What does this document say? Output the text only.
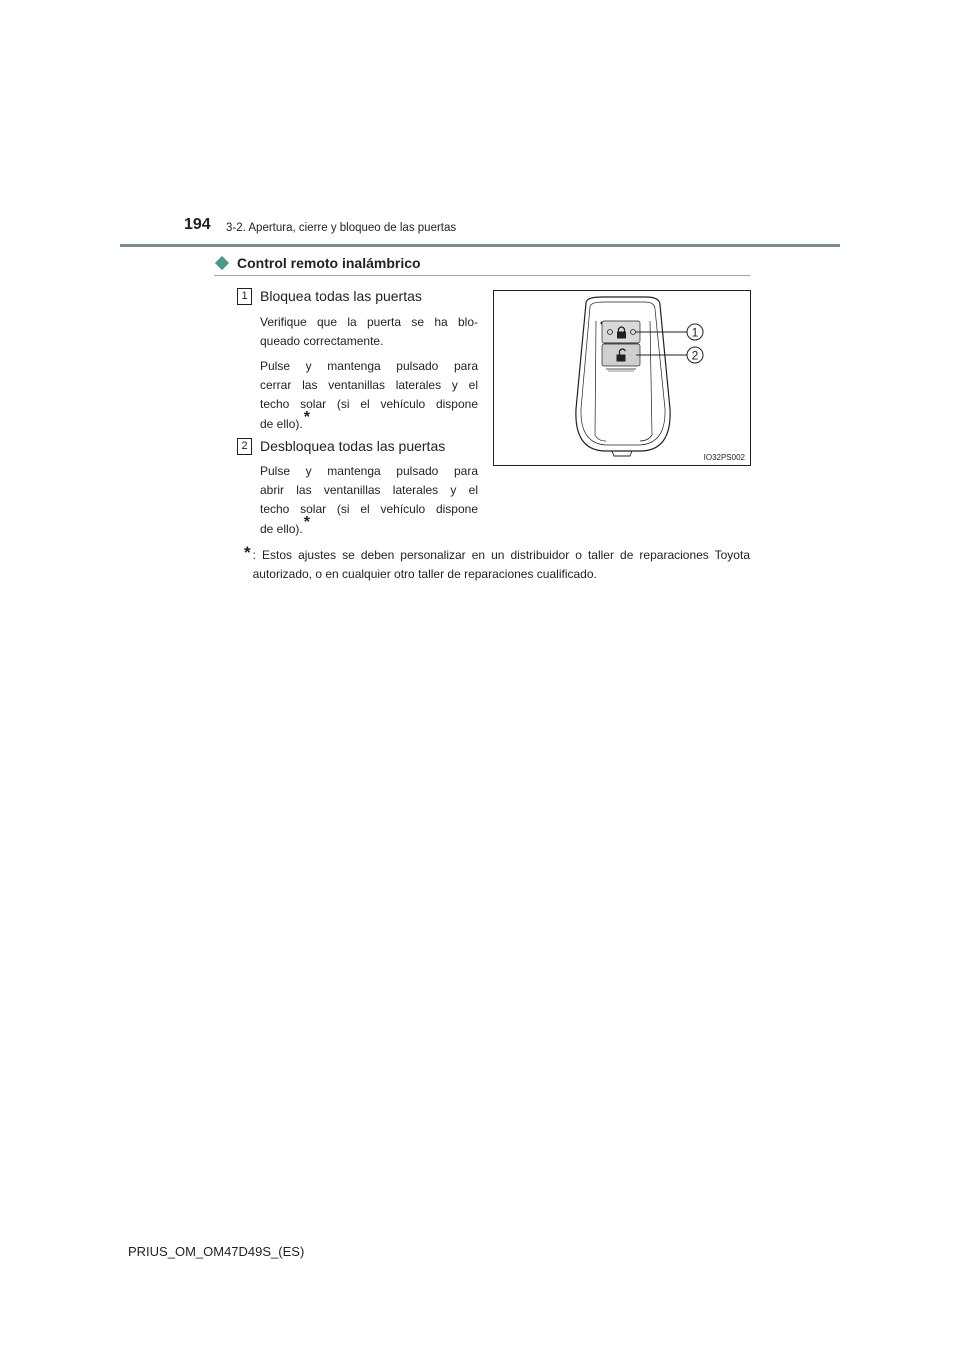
194 3-2. Apertura, cierre y bloqueo de las puertas
Control remoto inalámbrico
1 Bloquea todas las puertas
Verifique que la puerta se ha blo-
queado correctamente.
Pulse y mantenga pulsado para
cerrar las ventanillas laterales y el
techo solar (si el vehículo dispone
de ello).*
2 Desbloquea todas las puertas
Pulse y mantenga pulsado para
abrir las ventanillas laterales y el
techo solar (si el vehículo dispone
de ello).*
1
2
IO32PS002
* : Estos ajustes se deben personalizar en un distribuidor o taller de reparaciones Toyota autorizado, o en cualquier otro taller de reparaciones cualificado.
PRIUS_OM_OM47D49S_(ES)
